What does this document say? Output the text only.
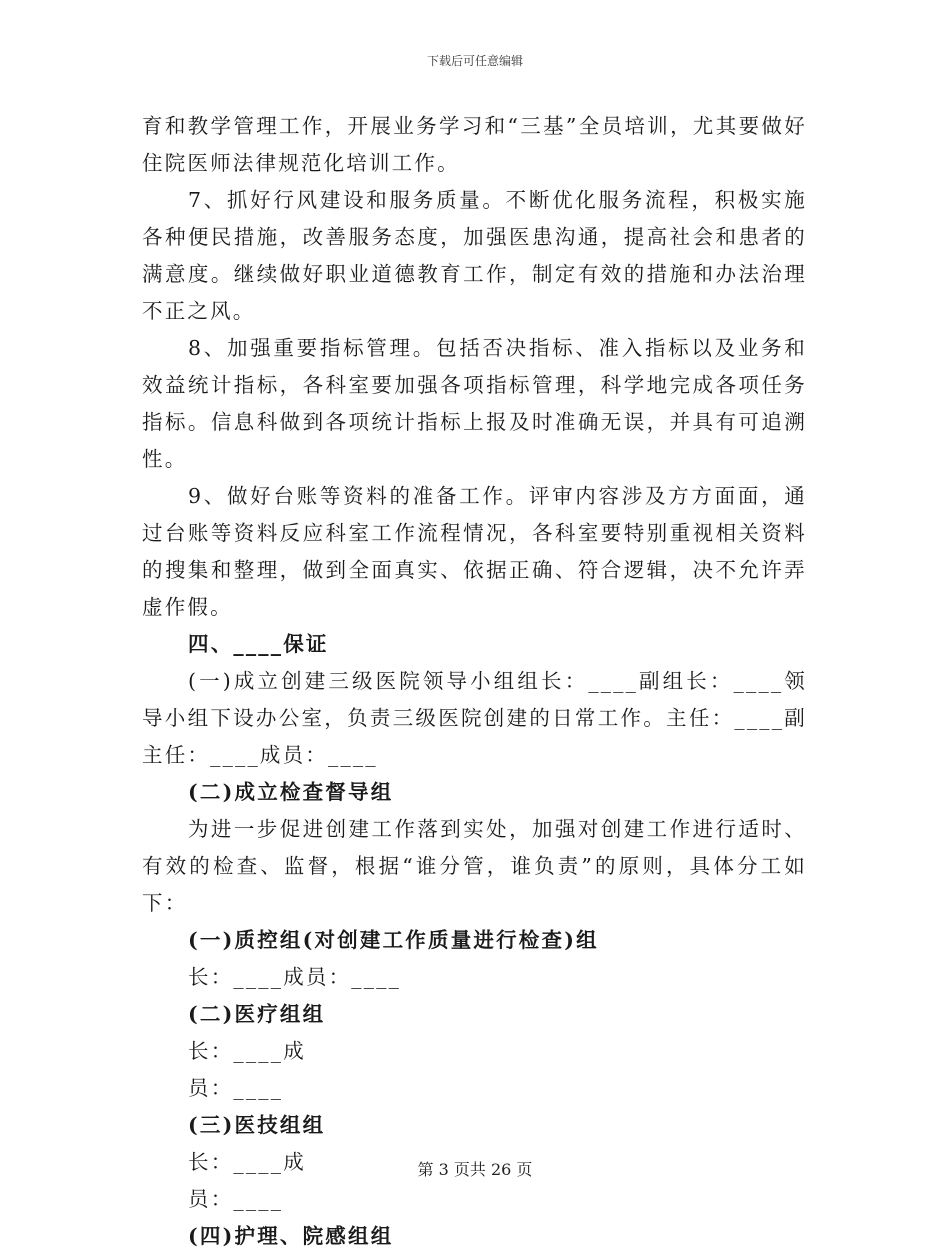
下载后可任意编辑

育和教学管理工作，开展业务学习和“三基”全员培训，尤其要做好住院医师法律规范化培训工作。

7、抓好行风建设和服务质量。不断优化服务流程，积极实施各种便民措施，改善服务态度，加强医患沟通，提高社会和患者的满意度。继续做好职业道德教育工作，制定有效的措施和办法治理不正之风。

8、加强重要指标管理。包括否决指标、准入指标以及业务和效益统计指标，各科室要加强各项指标管理，科学地完成各项任务指标。信息科做到各项统计指标上报及时准确无误，并具有可追溯性。

9、做好台账等资料的准备工作。评审内容涉及方方面面，通过台账等资料反应科室工作流程情况，各科室要特别重视相关资料的搜集和整理，做到全面真实、依据正确、符合逻辑，决不允许弄虚作假。

四、____保证

(一)成立创建三级医院领导小组组长：____副组长：____领导小组下设办公室，负责三级医院创建的日常工作。主任：____副主任：____成员：____

(二)成立检查督导组

为进一步促进创建工作落到实处，加强对创建工作进行适时、有效的检查、监督，根据“谁分管，谁负责”的原则，具体分工如下：

(一)质控组(对创建工作质量进行检查)组

长：____成员：____

(二)医疗组组

长：____成

员：____

(三)医技组组

长：____成

员：____

(四)护理、院感组组

第 3 页共 26 页
